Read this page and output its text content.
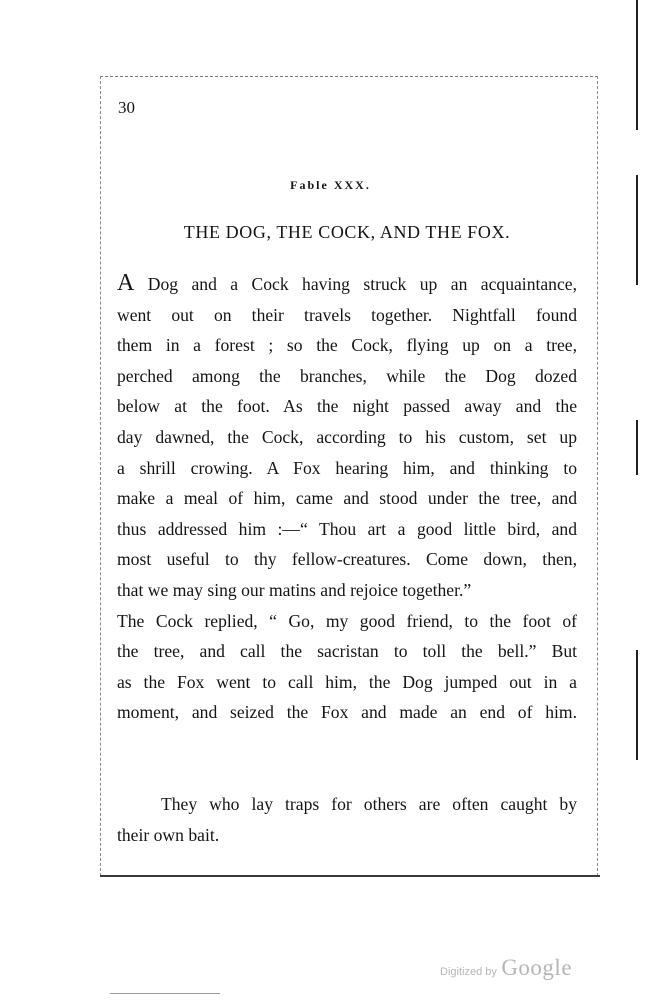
30

Fable XXX.

THE DOG, THE COCK, AND THE FOX.
A Dog and a Cock having struck up an acquaintance,
went out on their travels together. Nightfall found
them in a forest ; so the Cock, flying up on a tree,
perched among the branches, while the Dog dozed
below at the foot. As the night passed away and the
day dawned, the Cock, according to his custom, set up
a shrill crowing. A Fox hearing him, and thinking to
make a meal of him, came and stood under the tree, and
thus addressed him :—“ Thou art a good little bird, and
most useful to thy fellow-creatures. Come down, then,
that we may sing our matins and rejoice together.”
The Cock replied, “ Go, my good friend, to the foot of
the tree, and call the sacristan to toll the bell.” But
as the Fox went to call him, the Dog jumped out in a
moment, and seized the Fox and made an end of him.
They who lay traps for others are often caught by
their own bait.
Digitized by Google
